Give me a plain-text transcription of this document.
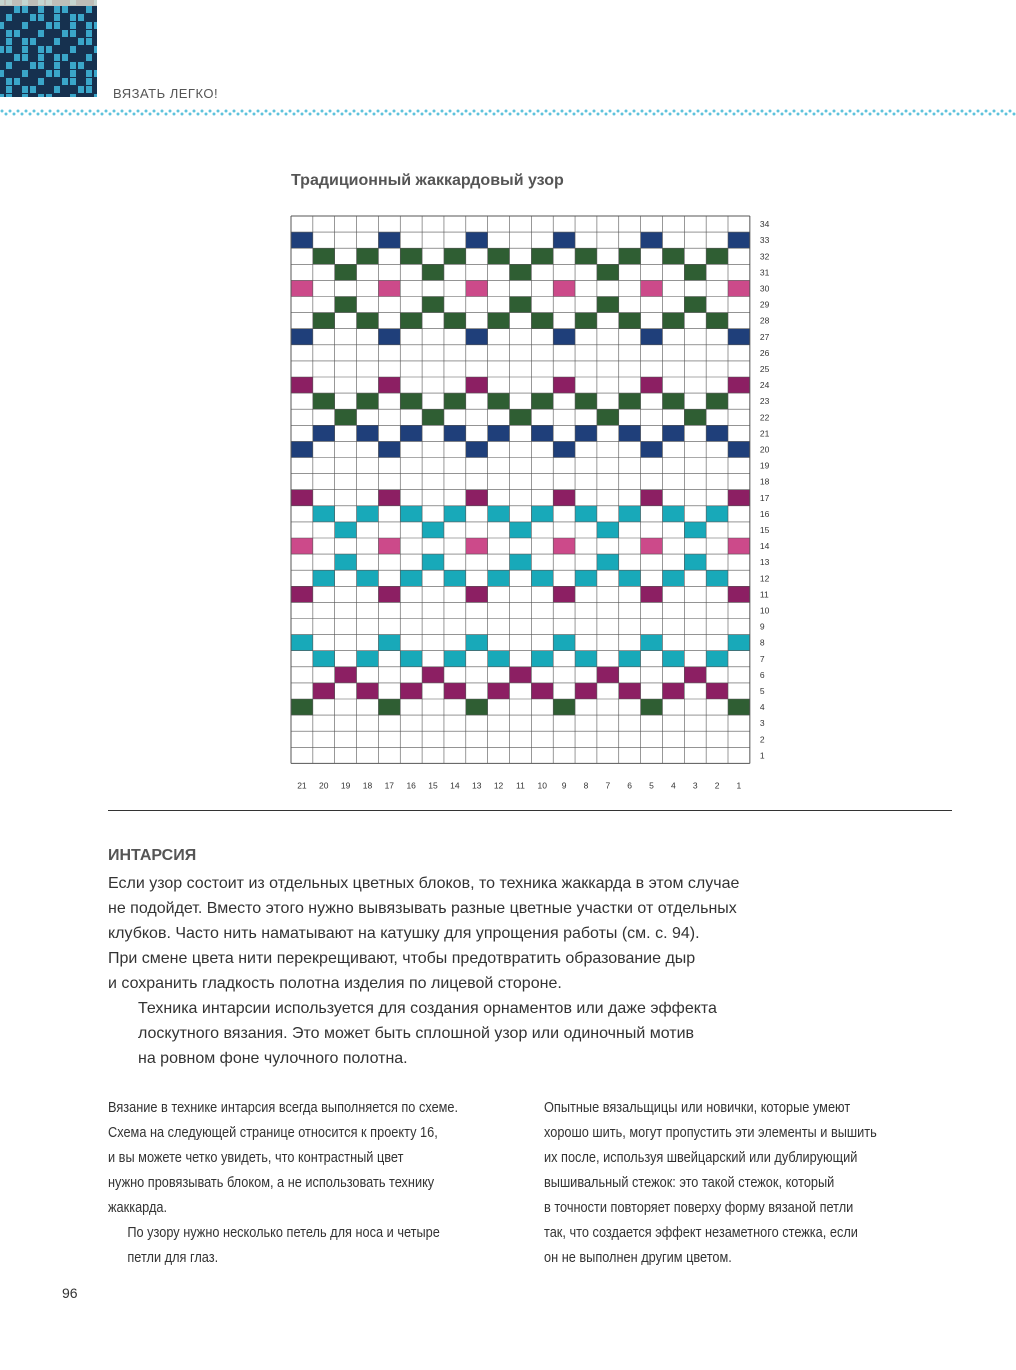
ВЯЗАТЬ ЛЕГКО!
Традиционный жаккардовый узор
34
33
32
31
30
29
28
27
26
25
24
23
22
21
20
19
18
17
16
15
14
13
12
11
10
9
8
7
6
5
4
3
2
1
21 20 19 18 17 16 15 14 13 12 11 10 9 8 7 6 5 4 3 2 1
ИНТАРСИЯ

Если узор состоит из отдельных цветных блоков, то техника жаккарда в этом случае
не подойдет. Вместо этого нужно вывязывать разные цветные участки от отдельных
клубков. Часто нить наматывают на катушку для упрощения работы (см. с. 94).
При смене цвета нити перекрещивают, чтобы предотвратить образование дыр
и сохранить гладкость полотна изделия по лицевой стороне.

Техника интарсии используется для создания орнаментов или даже эффекта
лоскутного вязания. Это может быть сплошной узор или одиночный мотив
на ровном фоне чулочного полотна.

Вязание в технике интарсия всегда выполняется по схеме.
Схема на следующей странице относится к проекту 16,
и вы можете четко увидеть, что контрастный цвет
нужно провязывать блоком, а не использовать технику
жаккарда.

По узору нужно несколько петель для носа и четыре
петли для глаз.

Опытные вязальщицы или новички, которые умеют
хорошо шить, могут пропустить эти элементы и вышить
их после, используя швейцарский или дублирующий
вышивальный стежок: это такой стежок, который
в точности повторяет поверху форму вязаной петли
так, что создается эффект незаметного стежка, если
он не выполнен другим цветом.

96
